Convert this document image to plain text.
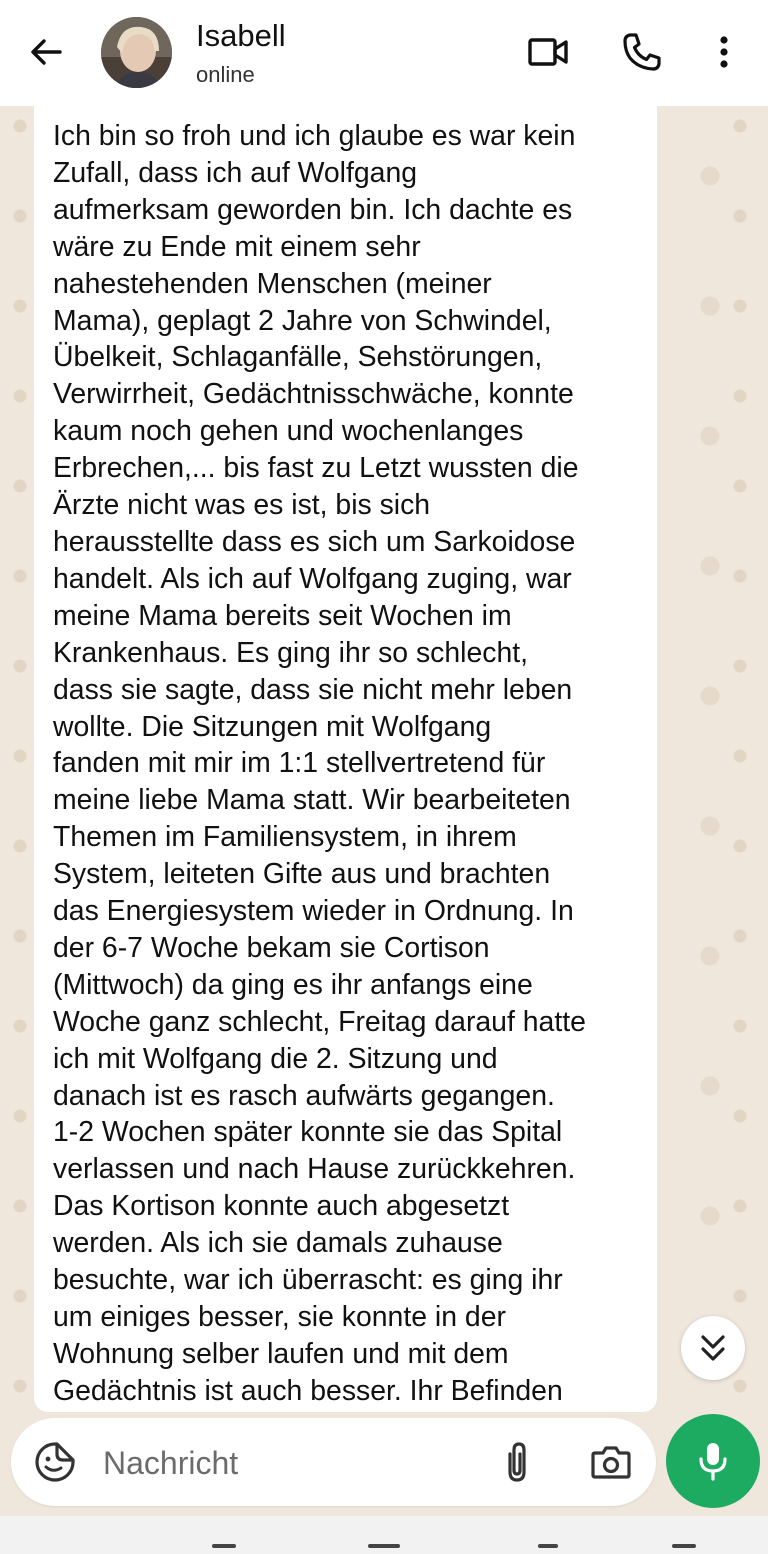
Isabell
online

Ich bin so froh und ich glaube es war kein
Zufall, dass ich auf Wolfgang
aufmerksam geworden bin. Ich dachte es
wäre zu Ende mit einem sehr
nahestehenden Menschen (meiner
Mama), geplagt 2 Jahre von Schwindel,
Übelkeit, Schlaganfälle, Sehstörungen,
Verwirrheit, Gedächtnisschwäche, konnte
kaum noch gehen und wochenlanges
Erbrechen,... bis fast zu Letzt wussten die
Ärzte nicht was es ist, bis sich
herausstellte dass es sich um Sarkoidose
handelt. Als ich auf Wolfgang zuging, war
meine Mama bereits seit Wochen im
Krankenhaus. Es ging ihr so schlecht,
dass sie sagte, dass sie nicht mehr leben
wollte. Die Sitzungen mit Wolfgang
fanden mit mir im 1:1 stellvertretend für
meine liebe Mama statt. Wir bearbeiteten
Themen im Familiensystem, in ihrem
System, leiteten Gifte aus und brachten
das Energiesystem wieder in Ordnung. In
der 6-7 Woche bekam sie Cortison
(Mittwoch) da ging es ihr anfangs eine
Woche ganz schlecht, Freitag darauf hatte
ich mit Wolfgang die 2. Sitzung und
danach ist es rasch aufwärts gegangen.
1-2 Wochen später konnte sie das Spital
verlassen und nach Hause zurückkehren.
Das Kortison konnte auch abgesetzt
werden. Als ich sie damals zuhause
besuchte, war ich überrascht: es ging ihr
um einiges besser, sie konnte in der
Wohnung selber laufen und mit dem
Gedächtnis ist auch besser. Ihr Befinden

Nachricht
